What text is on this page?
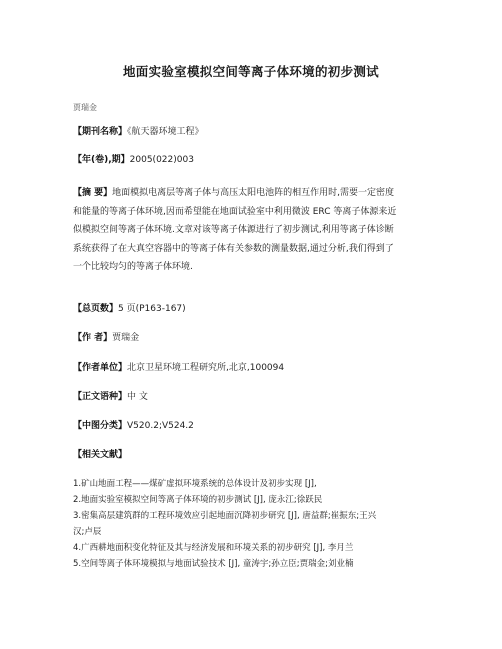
地面实验室模拟空间等离子体环境的初步测试
贾瑞金
【期刊名称】《航天器环境工程》
【年(卷),期】2005(022)003
【摘 要】地面模拟电离层等离子体与高压太阳电池阵的相互作用时,需要一定密度
和能量的等离子体环境,因而希望能在地面试验室中利用微波 ERC 等离子体源来近
似模拟空间等离子体环境.文章对该等离子体源进行了初步测试,利用等离子体诊断
系统获得了在大真空容器中的等离子体有关参数的测量数据,通过分析,我们得到了
一个比较均匀的等离子体环境.
【总页数】5 页(P163-167)
【作 者】贾瑞金
【作者单位】北京卫星环境工程研究所,北京,100094
【正文语种】中 文
【中图分类】V520.2;V524.2
【相关文献】
1.矿山地面工程——煤矿虚拟环境系统的总体设计及初步实现 [J],
2.地面实验室模拟空间等离子体环境的初步测试 [J], 庞永江;徐跃民
3.密集高层建筑群的工程环境效应引起地面沉降初步研究 [J], 唐益群;崔振东;王兴
汉;卢辰
4.广西耕地面积变化特征及其与经济发展和环境关系的初步研究 [J], 李月兰
5.空间等离子体环境模拟与地面试验技术 [J], 童涛宇;孙立臣;贾瑞金;刘业楠
